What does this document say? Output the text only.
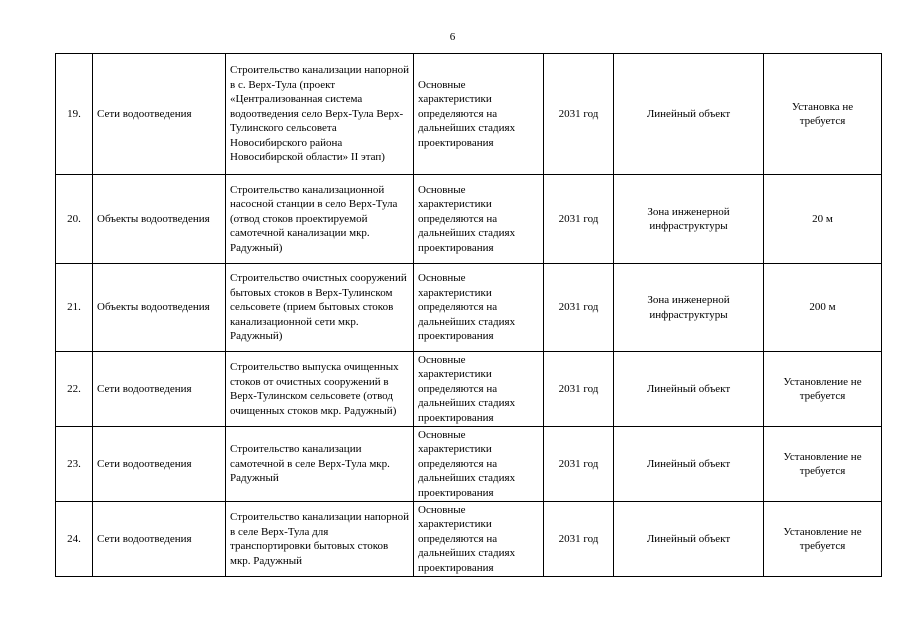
6
19.	Сети водоотведения	Строительство канализации напорной в с. Верх-Тула (проект «Централизованная система водоотведения село Верх-Тула Верх-Тулинского сельсовета Новосибирского района Новосибирской области» II этап)	Основные характеристики определяются на дальнейших стадиях проектирования	2031 год	Линейный объект	Установка не требуется
20.	Объекты водоотведения	Строительство канализационной насосной станции в село Верх-Тула (отвод стоков проектируемой самотечной канализации мкр. Радужный)	Основные характеристики определяются на дальнейших стадиях проектирования	2031 год	Зона инженерной инфраструктуры	20 м
21.	Объекты водоотведения	Строительство очистных сооружений бытовых стоков в Верх-Тулинском сельсовете (прием бытовых стоков канализационной сети мкр. Радужный)	Основные характеристики определяются на дальнейших стадиях проектирования	2031 год	Зона инженерной инфраструктуры	200 м
22.	Сети водоотведения	Строительство выпуска очищенных стоков от очистных сооружений в Верх-Тулинском сельсовете (отвод очищенных стоков мкр. Радужный)	Основные характеристики определяются на дальнейших стадиях проектирования	2031 год	Линейный объект	Установление не требуется
23.	Сети водоотведения	Строительство канализации самотечной в селе Верх-Тула мкр. Радужный	Основные характеристики определяются на дальнейших стадиях проектирования	2031 год	Линейный объект	Установление не требуется
24.	Сети водоотведения	Строительство канализации напорной в селе Верх-Тула для транспортировки бытовых стоков мкр. Радужный	Основные характеристики определяются на дальнейших стадиях проектирования	2031 год	Линейный объект	Установление не требуется
